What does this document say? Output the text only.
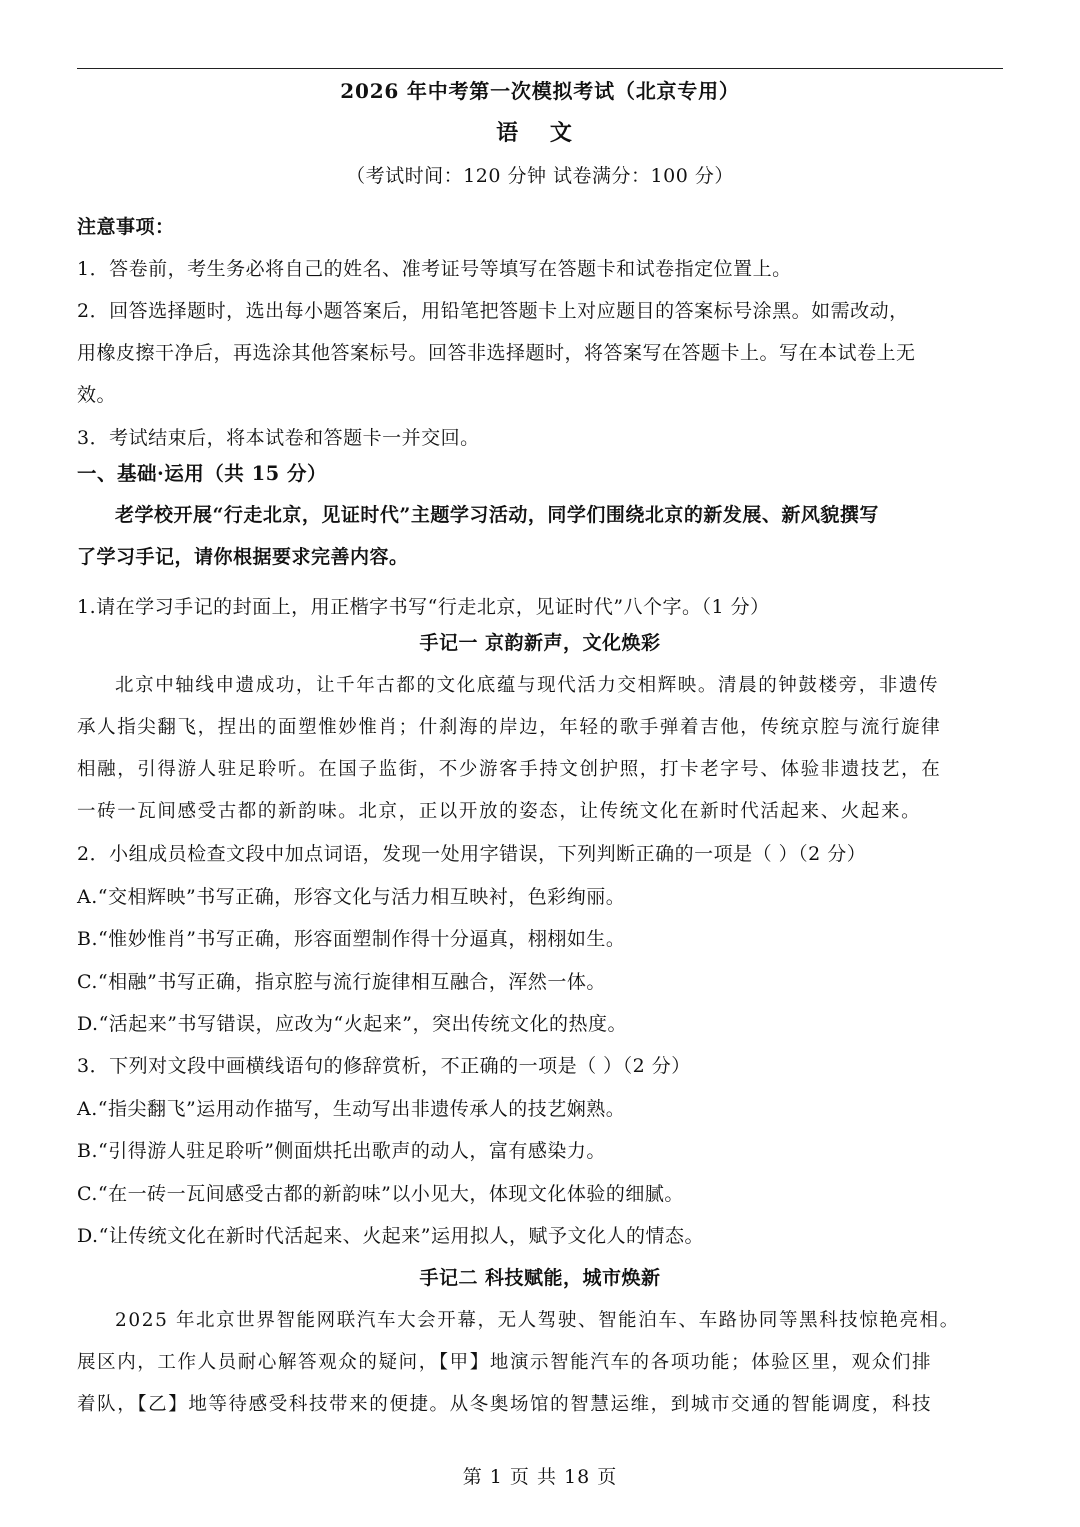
2026 年中考第一次模拟考试（北京专用）
语 文
（考试时间：120 分钟 试卷满分：100 分）
注意事项：
1．答卷前，考生务必将自己的姓名、准考证号等填写在答题卡和试卷指定位置上。
2．回答选择题时，选出每小题答案后，用铅笔把答题卡上对应题目的答案标号涂黑。如需改动，
用橡皮擦干净后，再选涂其他答案标号。回答非选择题时，将答案写在答题卡上。写在本试卷上无
效。
3．考试结束后，将本试卷和答题卡一并交回。
一、基础·运用（共 15 分）
老学校开展“行走北京，见证时代”主题学习活动，同学们围绕北京的新发展、新风貌撰写
了学习手记，请你根据要求完善内容。
1.请在学习手记的封面上，用正楷字书写“行走北京，见证时代”八个字。（1 分）
手记一 京韵新声，文化焕彩
北京中轴线申遗成功，让千年古都的文化底蕴与现代活力交相辉映。清晨的钟鼓楼旁，非遗传
承人指尖翻飞，捏出的面塑惟妙惟肖；什刹海的岸边，年轻的歌手弹着吉他，传统京腔与流行旋律
相融，引得游人驻足聆听。在国子监街，不少游客手持文创护照，打卡老字号、体验非遗技艺，在
一砖一瓦间感受古都的新韵味。北京，正以开放的姿态，让传统文化在新时代活起来、火起来。
2．小组成员检查文段中加点词语，发现一处用字错误，下列判断正确的一项是（ ）（2 分）
A.“交相辉映”书写正确，形容文化与活力相互映衬，色彩绚丽。
B.“惟妙惟肖”书写正确，形容面塑制作得十分逼真，栩栩如生。
C.“相融”书写正确，指京腔与流行旋律相互融合，浑然一体。
D.“活起来”书写错误，应改为“火起来”，突出传统文化的热度。
3．下列对文段中画横线语句的修辞赏析，不正确的一项是（ ）（2 分）
A.“指尖翻飞”运用动作描写，生动写出非遗传承人的技艺娴熟。
B.“引得游人驻足聆听”侧面烘托出歌声的动人，富有感染力。
C.“在一砖一瓦间感受古都的新韵味”以小见大，体现文化体验的细腻。
D.“让传统文化在新时代活起来、火起来”运用拟人，赋予文化人的情态。
手记二 科技赋能，城市焕新
2025 年北京世界智能网联汽车大会开幕，无人驾驶、智能泊车、车路协同等黑科技惊艳亮相。
展区内，工作人员耐心解答观众的疑问，【甲】地演示智能汽车的各项功能；体验区里，观众们排
着队，【乙】地等待感受科技带来的便捷。从冬奥场馆的智慧运维，到城市交通的智能调度，科技
第 1 页 共 18 页
